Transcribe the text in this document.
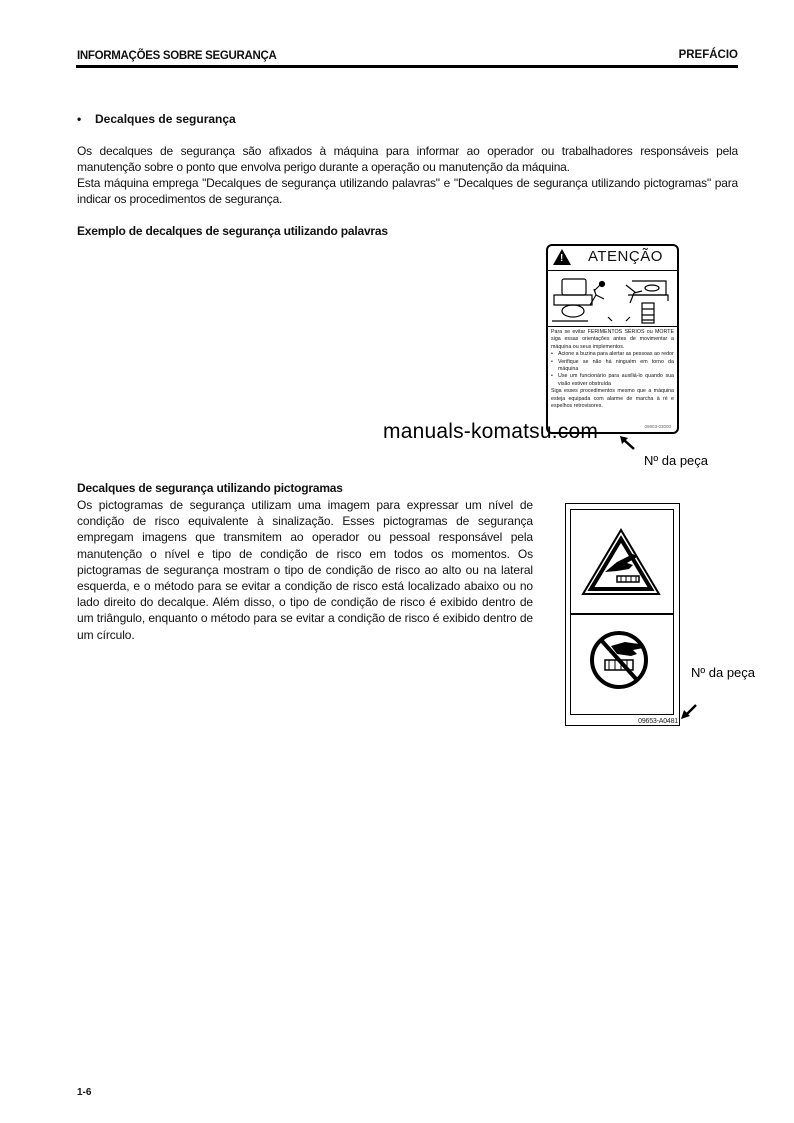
INFORMAÇÕES SOBRE SEGURANÇA	PREFÁCIO
• Decalques de segurança
Os decalques de segurança são afixados à máquina para informar ao operador ou trabalhadores responsáveis pela manutenção sobre o ponto que envolva perigo durante a operação ou manutenção da máquina.
Esta máquina emprega "Decalques de segurança utilizando palavras" e "Decalques de segurança utilizando pictogramas" para indicar os procedimentos de segurança.
Exemplo de decalques de segurança utilizando palavras
! ATENÇÃO
Para se evitar FERIMENTOS SÉRIOS ou MORTE siga essas orientações antes de movimentar a máquina ou seus implementos.
• Acione a buzina para alertar as pessoas ao redor
• Verifique se não há ninguém em torno da máquina
• Use um funcionário para auxiliá-lo quando sua visão estiver obstruída
Siga esses procedimentos mesmo que a máquina esteja equipada com alarme de marcha à ré e espelhos retrovisores.
09803-03000
manuals-komatsu.com
Nº da peça
Decalques de segurança utilizando pictogramas
Os pictogramas de segurança utilizam uma imagem para expressar um nível de condição de risco equivalente à sinalização. Esses pictogramas de segurança empregam imagens que transmitem ao operador ou pessoal responsável pela manutenção o nível e tipo de condição de risco em todos os momentos. Os pictogramas de segurança mostram o tipo de condição de risco ao alto ou na lateral esquerda, e o método para se evitar a condição de risco está localizado abaixo ou no lado direito do decalque. Além disso, o tipo de condição de risco é exibido dentro de um triângulo, enquanto o método para se evitar a condição de risco é exibido dentro de um círculo.
09653-A0481
Nº da peça
1-6
